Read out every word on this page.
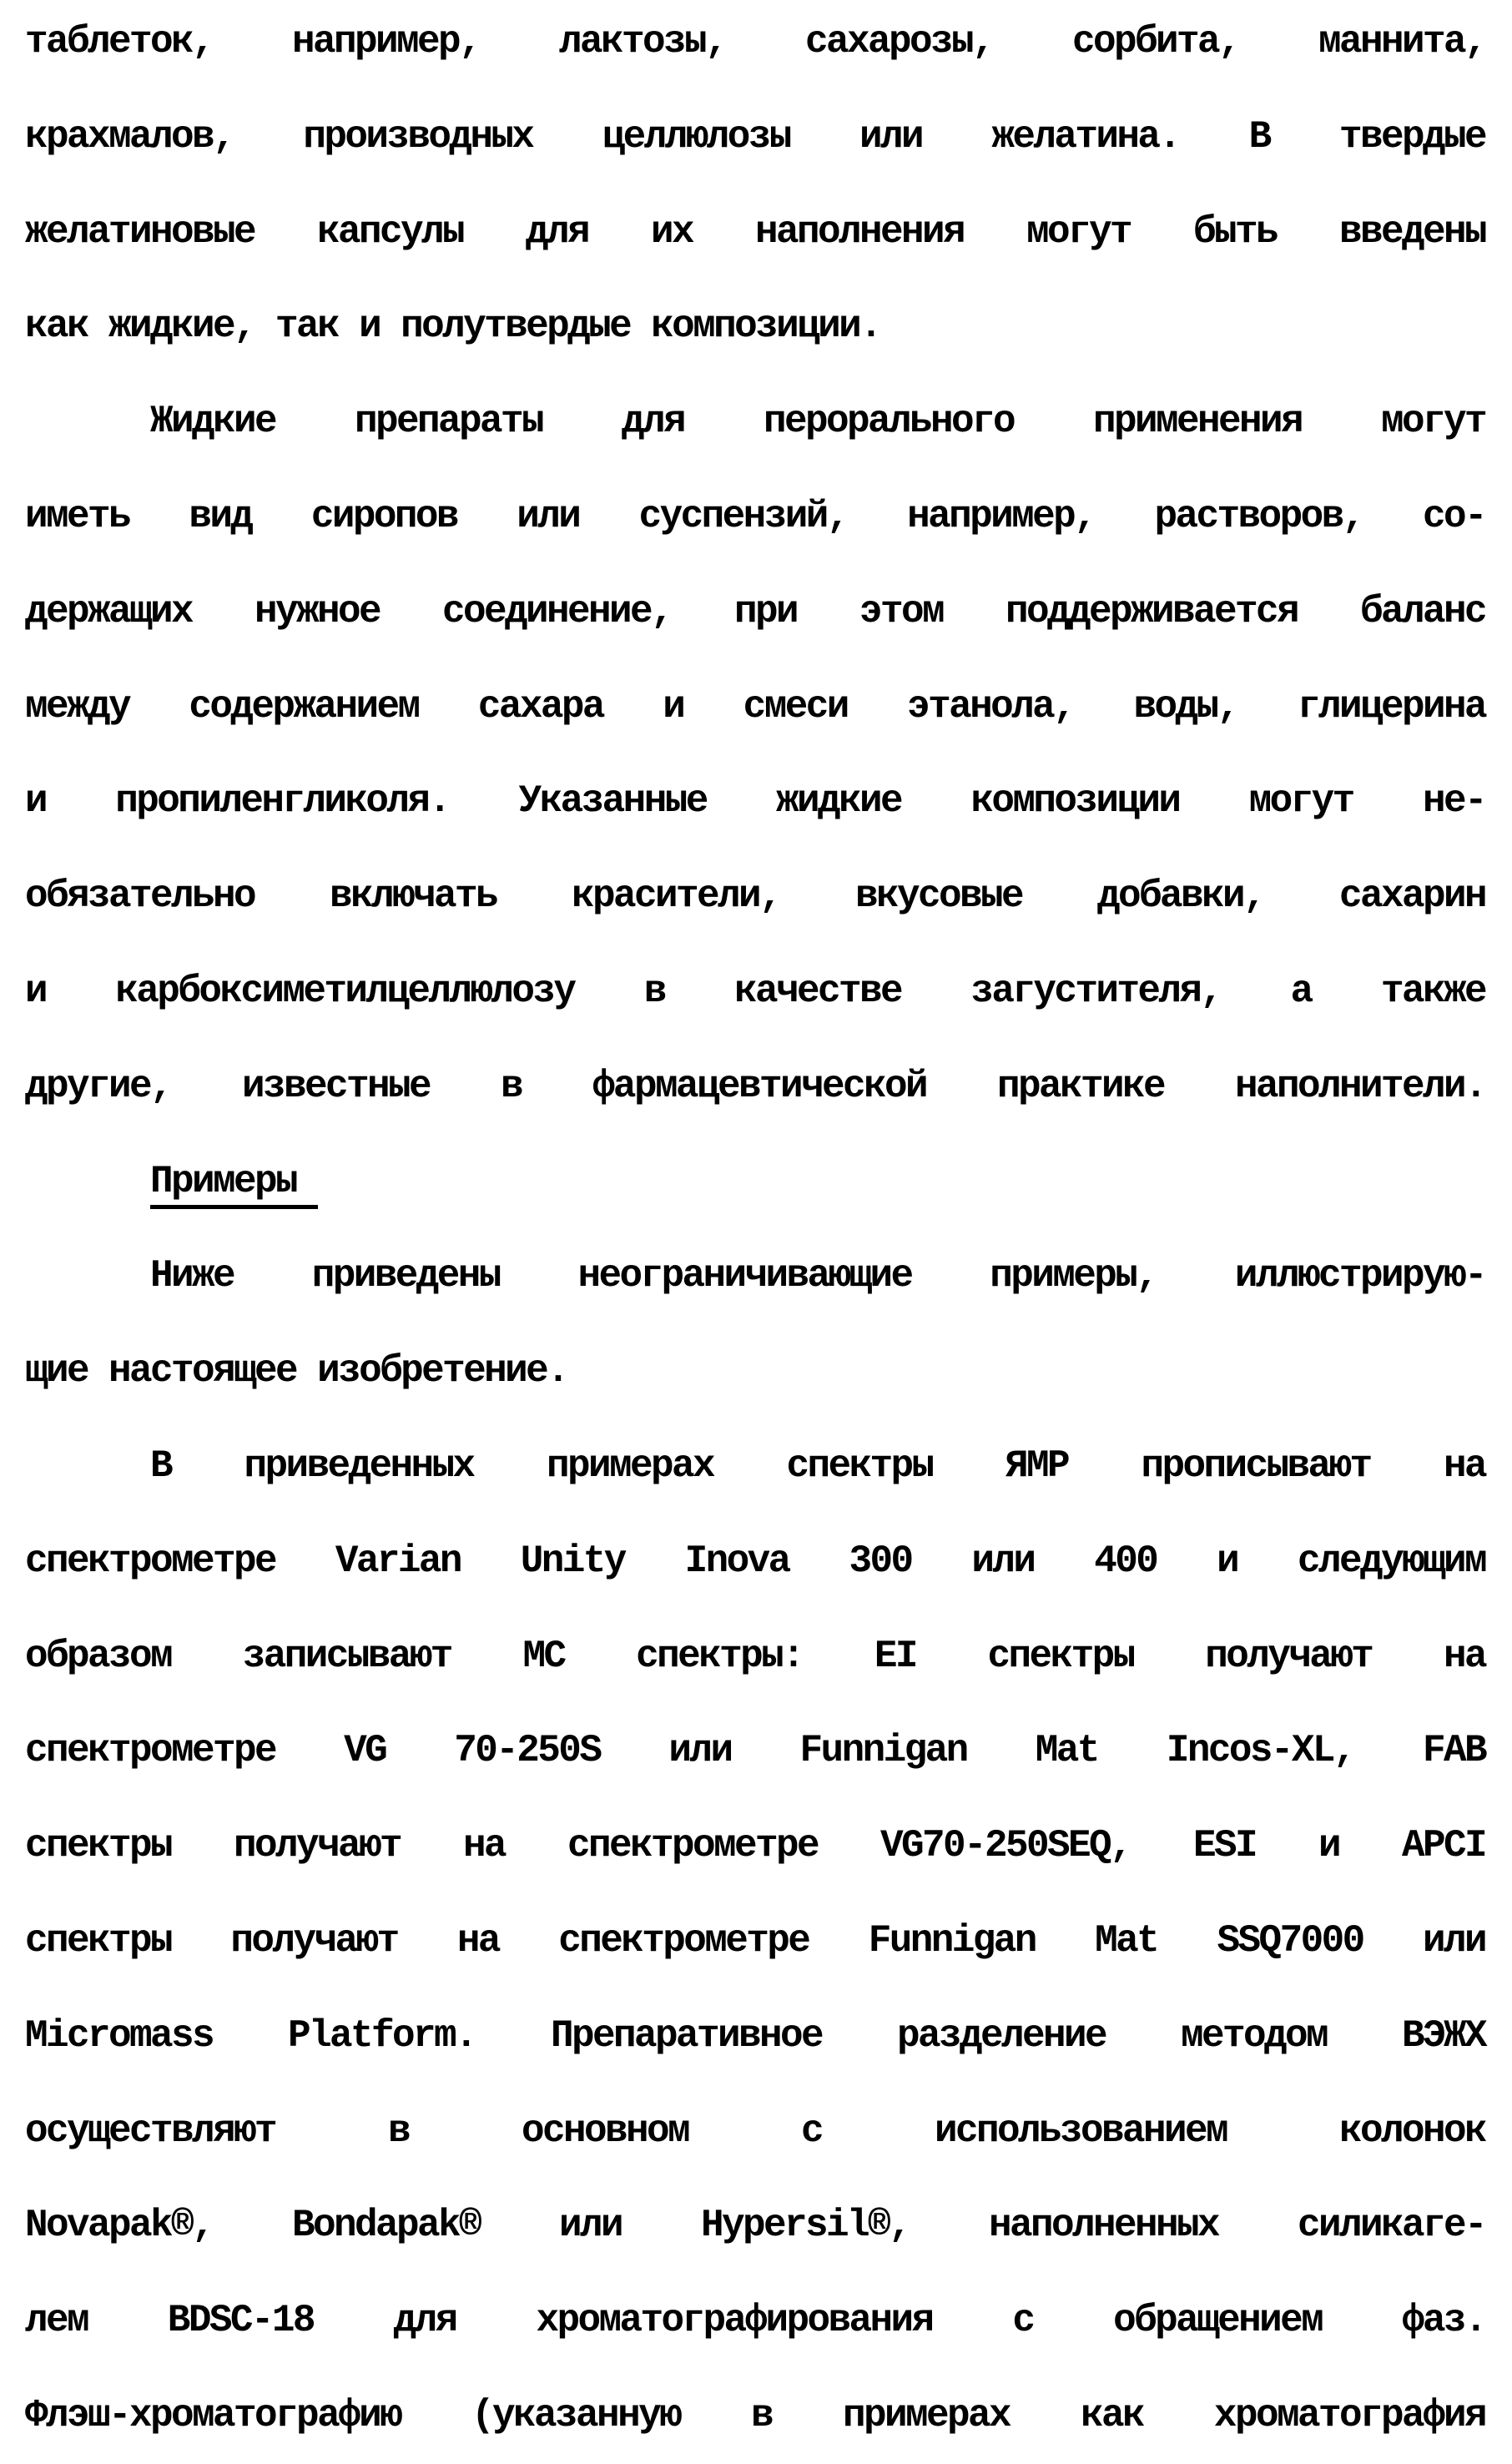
таблеток, например, лактозы, сахарозы, сорбита, маннита,
крахмалов, производных целлюлозы или желатина. В твердые
желатиновые капсулы для их наполнения могут быть введены
как жидкие, так и полутвердые композиции.
Жидкие препараты для перорального применения могут
иметь вид сиропов или суспензий, например, растворов, со-
держащих нужное соединение, при этом поддерживается баланс
между содержанием сахара и смеси этанола, воды, глицерина
и пропиленгликоля. Указанные жидкие композиции могут не-
обязательно включать красители, вкусовые добавки, сахарин
и карбоксиметилцеллюлозу в качестве загустителя, а также
другие, известные в фармацевтической практике наполнители.
Примеры
Ниже приведены неограничивающие примеры, иллюстрирую-
щие настоящее изобретение.
В приведенных примерах спектры ЯМР прописывают на
спектрометре Varian Unity Inova 300 или 400 и следующим
образом записывают МС спектры: EI спектры получают на
спектрометре VG 70-250S или Funnigan Mat Incos-XL, FAB
спектры получают на спектрометре VG70-250SEQ, ESI и APCI
спектры получают на спектрометре Funnigan Mat SSQ7000 или
Micromass Platform. Препаративное разделение методом ВЭЖХ
осуществляют в основном с использованием колонок
Novapak®, Bondapak® или Hypersil®, наполненных силикаге-
лем BDSC-18 для хроматографирования с обращением фаз.
Флэш-хроматографию (указанную в примерах как хроматография
